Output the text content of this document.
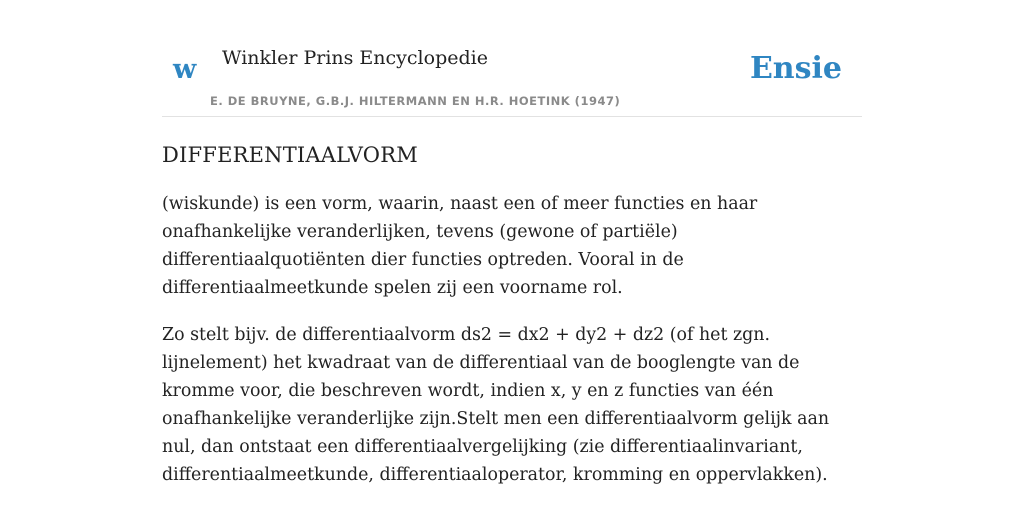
w Winkler Prins Encyclopedie
E. DE BRUYNE, G.B.J. HILTERMANN EN H.R. HOETINK (1947)
Ensie
DIFFERENTIAALVORM

(wiskunde) is een vorm, waarin, naast een of meer functies en haar onafhankelijke veranderlijken, tevens (gewone of partiële) differentiaalquotiënten dier functies optreden. Vooral in de differentiaalmeetkunde spelen zij een voorname rol.

Zo stelt bijv. de differentiaalvorm ds2 = dx2 + dy2 + dz2 (of het zgn. lijnelement) het kwadraat van de differentiaal van de booglengte van de kromme voor, die beschreven wordt, indien x, y en z functies van één onafhankelijke veranderlijke zijn.Stelt men een differentiaalvorm gelijk aan nul, dan ontstaat een differentiaalvergelijking (zie differentiaalinvariant, differentiaalmeetkunde, differentiaaloperator, kromming en oppervlakken).
